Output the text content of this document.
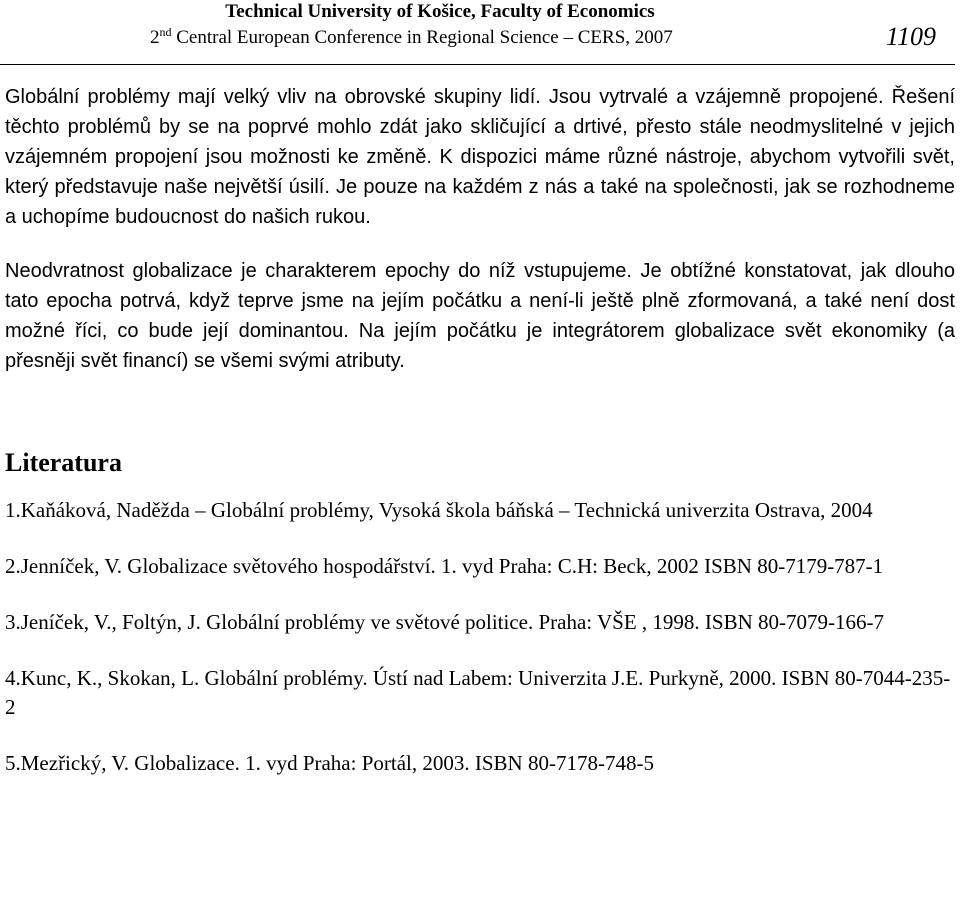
Technical University of Košice, Faculty of Economics
2nd Central European Conference in Regional Science – CERS, 2007	1109

Globální problémy mají velký vliv na obrovské skupiny lidí. Jsou vytrvalé a vzájemně propojené. Řešení těchto problémů by se na poprvé mohlo zdát jako skličující a drtivé, přesto stále neodmyslitelné v jejich vzájemném propojení jsou možnosti ke změně. K dispozici máme různé nástroje, abychom vytvořili svět, který představuje naše největší úsilí. Je pouze na každém z nás a také na společnosti, jak se rozhodneme a uchopíme budoucnost do našich rukou.

Neodvratnost globalizace je charakterem epochy do níž vstupujeme. Je obtížné konstatovat, jak dlouho tato epocha potrvá, když teprve jsme na jejím počátku a není-li ještě plně zformovaná, a také není dost možné říci, co bude její dominantou. Na jejím počátku je integrátorem globalizace svět ekonomiky (a přesněji svět financí) se všemi svými atributy.

Literatura
1.Kaňáková, Naděžda – Globální problémy, Vysoká škola báňská – Technická univerzita Ostrava, 2004
2.Jenníček, V. Globalizace světového hospodářství. 1. vyd Praha: C.H: Beck, 2002 ISBN 80-7179-787-1
3.Jeníček, V., Foltýn, J. Globální problémy ve světové politice. Praha: VŠE , 1998. ISBN 80-7079-166-7
4.Kunc, K., Skokan, L. Globální problémy. Ústí nad Labem: Univerzita J.E. Purkyně, 2000. ISBN 80-7044-235-2
5.Mezřický, V. Globalizace. 1. vyd Praha: Portál, 2003. ISBN 80-7178-748-5
